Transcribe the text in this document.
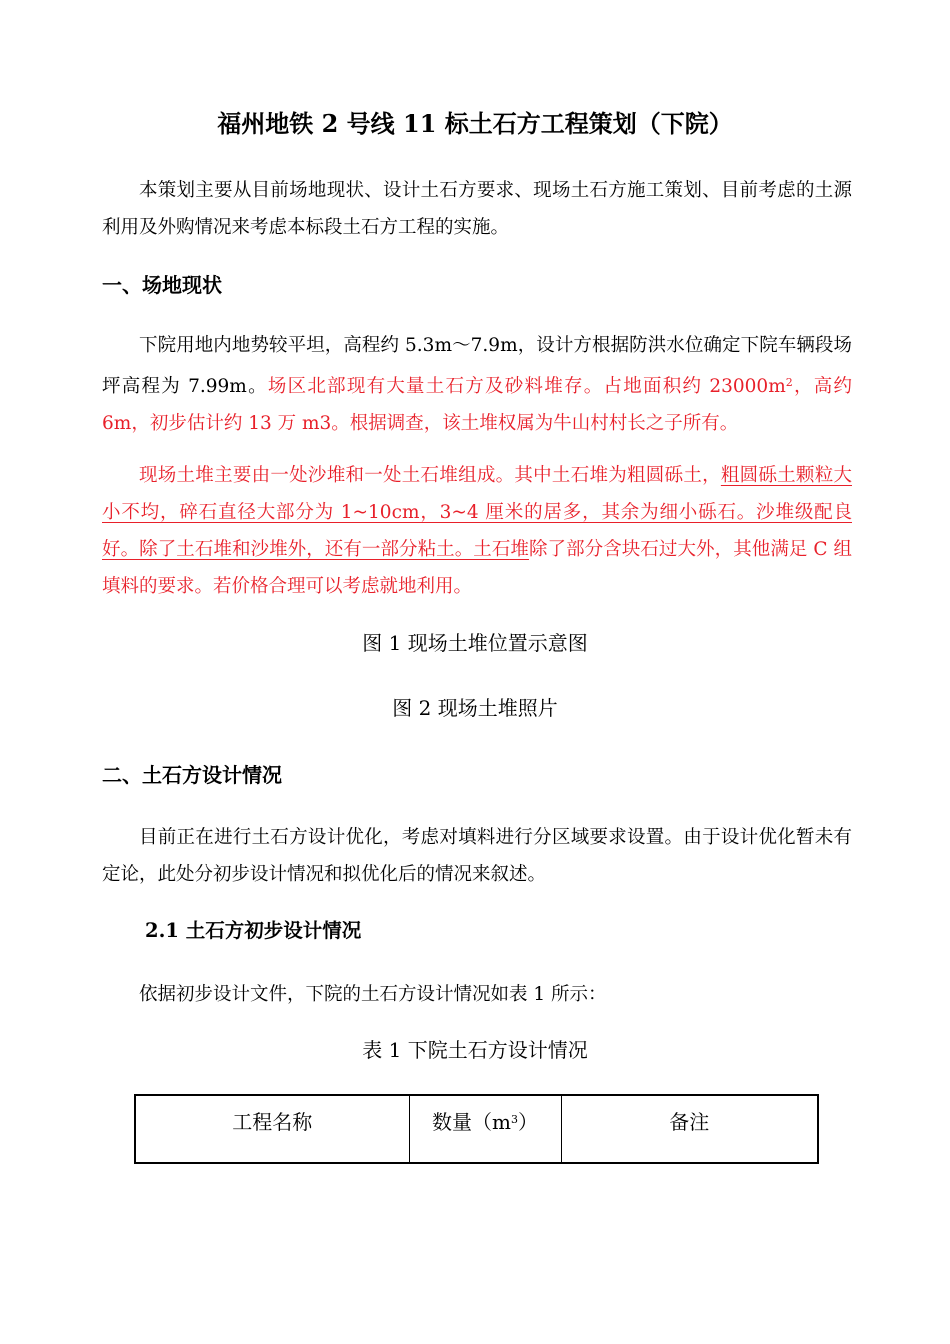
福州地铁 2 号线 11 标土石方工程策划（下院）

本策划主要从目前场地现状、设计土石方要求、现场土石方施工策划、目前考虑的土源利用及外购情况来考虑本标段土石方工程的实施。

一、场地现状

下院用地内地势较平坦，高程约 5.3m～7.9m，设计方根据防洪水位确定下院车辆段场坪高程为 7.99m。场区北部现有大量土石方及砂料堆存。占地面积约 $23000m^2$，高约 6m，初步估计约 13 万 m3。根据调查，该土堆权属为牛山村村长之子所有。

现场土堆主要由一处沙堆和一处土石堆组成。其中土石堆为粗圆砾土，粗圆砾土颗粒大小不均，碎石直径大部分为 1~10cm，3~4 厘米的居多，其余为细小砾石。沙堆级配良好。除了土石堆和沙堆外，还有一部分粘土。土石堆除了部分含块石过大外，其他满足 C 组填料的要求。若价格合理可以考虑就地利用。

图 1 现场土堆位置示意图
图 2 现场土堆照片
二、土石方设计情况

目前正在进行土石方设计优化，考虑对填料进行分区域要求设置。由于设计优化暂未有定论，此处分初步设计情况和拟优化后的情况来叙述。

2.1 土石方初步设计情况

依据初步设计文件，下院的土石方设计情况如表 1 所示：

表 1 下院土石方设计情况
工程名称	数量$(m^3)$	备注
